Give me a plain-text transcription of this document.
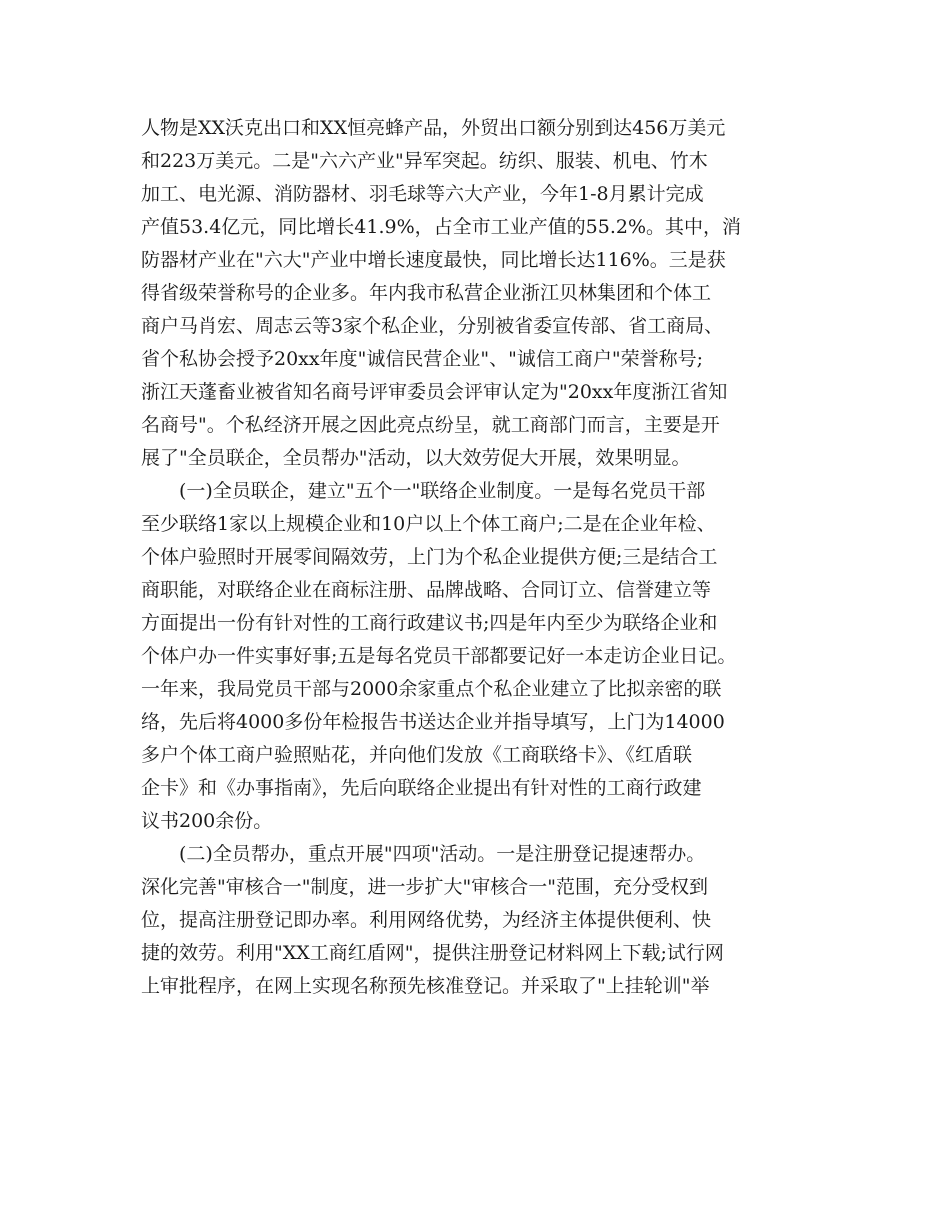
人物是XX沃克出口和XX恒亮蜂产品，外贸出口额分别到达456万美元
和223万美元。二是"六六产业"异军突起。纺织、服装、机电、竹木
加工、电光源、消防器材、羽毛球等六大产业，今年1-8月累计完成
产值53.4亿元，同比增长41.9%，占全市工业产值的55.2%。其中，消
防器材产业在"六大"产业中增长速度最快，同比增长达116%。三是获
得省级荣誉称号的企业多。年内我市私营企业浙江贝林集团和个体工
商户马肖宏、周志云等3家个私企业，分别被省委宣传部、省工商局、
省个私协会授予20xx年度"诚信民营企业"、"诚信工商户"荣誉称号;
浙江天蓬畜业被省知名商号评审委员会评审认定为"20xx年度浙江省知
名商号"。个私经济开展之因此亮点纷呈，就工商部门而言，主要是开
展了"全员联企，全员帮办"活动，以大效劳促大开展，效果明显。
(一)全员联企，建立"五个一"联络企业制度。一是每名党员干部
至少联络1家以上规模企业和10户以上个体工商户;二是在企业年检、
个体户验照时开展零间隔效劳，上门为个私企业提供方便;三是结合工
商职能，对联络企业在商标注册、品牌战略、合同订立、信誉建立等
方面提出一份有针对性的工商行政建议书;四是年内至少为联络企业和
个体户办一件实事好事;五是每名党员干部都要记好一本走访企业日记。
一年来，我局党员干部与2000余家重点个私企业建立了比拟亲密的联
络，先后将4000多份年检报告书送达企业并指导填写，上门为14000
多户个体工商户验照贴花，并向他们发放《工商联络卡》、《红盾联
企卡》和《办事指南》，先后向联络企业提出有针对性的工商行政建
议书200余份。
(二)全员帮办，重点开展"四项"活动。一是注册登记提速帮办。
深化完善"审核合一"制度，进一步扩大"审核合一"范围，充分受权到
位，提高注册登记即办率。利用网络优势，为经济主体提供便利、快
捷的效劳。利用"XX工商红盾网"，提供注册登记材料网上下载;试行网
上审批程序，在网上实现名称预先核准登记。并采取了"上挂轮训"举
